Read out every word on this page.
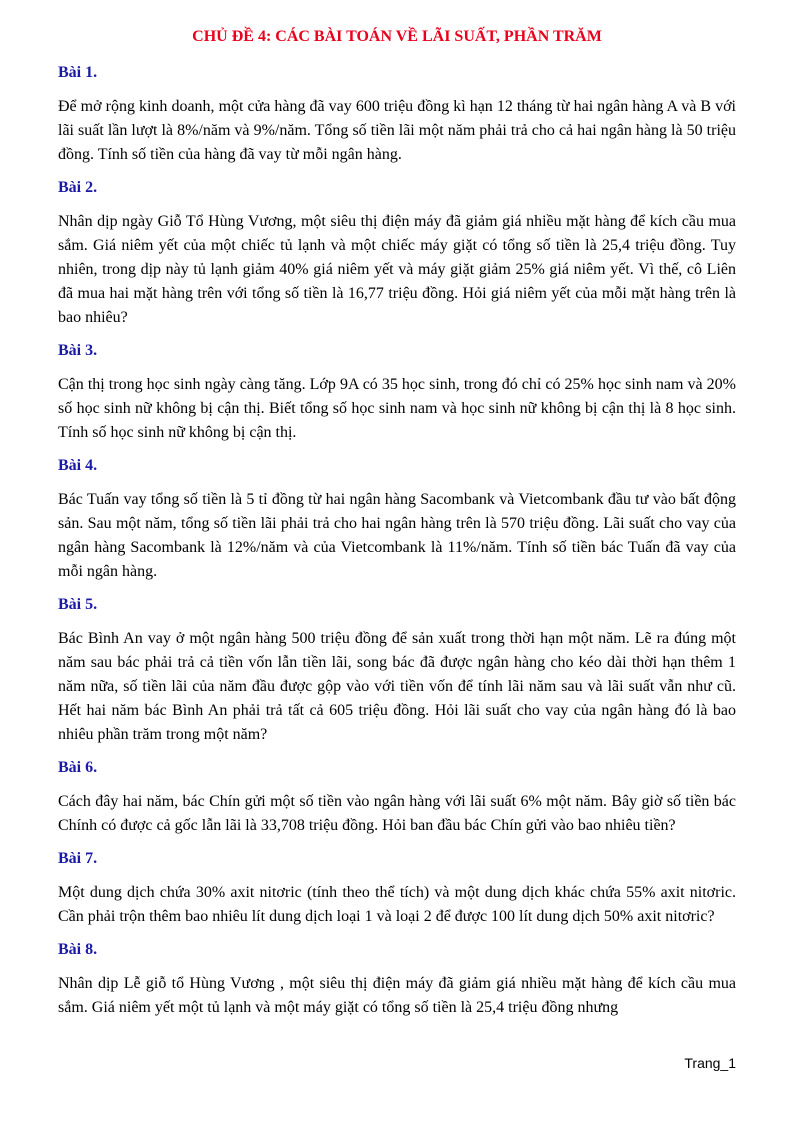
CHỦ ĐỀ 4: CÁC BÀI TOÁN VỀ LÃI SUẤT, PHẦN TRĂM
Bài 1.
Để mở rộng kinh doanh, một cửa hàng đã vay 600 triệu đồng kì hạn 12 tháng từ hai ngân hàng A và B với lãi suất lần lượt là 8%/năm và 9%/năm. Tổng số tiền lãi một năm phải trả cho cả hai ngân hàng là 50 triệu đồng. Tính số tiền của hàng đã vay từ mỗi ngân hàng.
Bài 2.
Nhân dịp ngày Giỗ Tổ Hùng Vương, một siêu thị điện máy đã giảm giá nhiều mặt hàng để kích cầu mua sắm. Giá niêm yết của một chiếc tủ lạnh và một chiếc máy giặt có tổng số tiền là 25,4 triệu đồng. Tuy nhiên, trong dịp này tủ lạnh giảm 40% giá niêm yết và máy giặt giảm 25% giá niêm yết. Vì thế, cô Liên đã mua hai mặt hàng trên với tổng số tiền là 16,77 triệu đồng. Hỏi giá niêm yết của mỗi mặt hàng trên là bao nhiêu?
Bài 3.
Cận thị trong học sinh ngày càng tăng. Lớp 9A có 35 học sinh, trong đó chỉ có 25% học sinh nam và 20% số học sinh nữ không bị cận thị. Biết tổng số học sinh nam và học sinh nữ không bị cận thị là 8 học sinh. Tính số học sinh nữ không bị cận thị.
Bài 4.
Bác Tuấn vay tổng số tiền là 5 tỉ đồng từ hai ngân hàng Sacombank và Vietcombank đầu tư vào bất động sản. Sau một năm, tổng số tiền lãi phải trả cho hai ngân hàng trên là 570 triệu đồng. Lãi suất cho vay của ngân hàng Sacombank là 12%/năm và của Vietcombank là 11%/năm. Tính số tiền bác Tuấn đã vay của mỗi ngân hàng.
Bài 5.
Bác Bình An vay ở một ngân hàng 500 triệu đồng để sản xuất trong thời hạn một năm. Lẽ ra đúng một năm sau bác phải trả cả tiền vốn lẫn tiền lãi, song bác đã được ngân hàng cho kéo dài thời hạn thêm 1 năm nữa, số tiền lãi của năm đầu được gộp vào với tiền vốn để tính lãi năm sau và lãi suất vẫn như cũ. Hết hai năm bác Bình An phải trả tất cả 605 triệu đồng. Hỏi lãi suất cho vay của ngân hàng đó là bao nhiêu phần trăm trong một năm?
Bài 6.
Cách đây hai năm, bác Chín gửi một số tiền vào ngân hàng với lãi suất 6% một năm. Bây giờ số tiền bác Chính có được cả gốc lẫn lãi là 33,708 triệu đồng. Hỏi ban đầu bác Chín gửi vào bao nhiêu tiền?
Bài 7.
Một dung dịch chứa 30% axit nitơric (tính theo thể tích) và một dung dịch khác chứa 55% axit nitơric. Cần phải trộn thêm bao nhiêu lít dung dịch loại 1 và loại 2 để được 100 lít dung dịch 50% axit nitơric?
Bài 8.
Nhân dịp Lễ giỗ tổ Hùng Vương , một siêu thị điện máy đã giảm giá nhiều mặt hàng để kích cầu mua sắm. Giá niêm yết một tủ lạnh và một máy giặt có tổng số tiền là 25,4 triệu đồng nhưng
Trang_1
